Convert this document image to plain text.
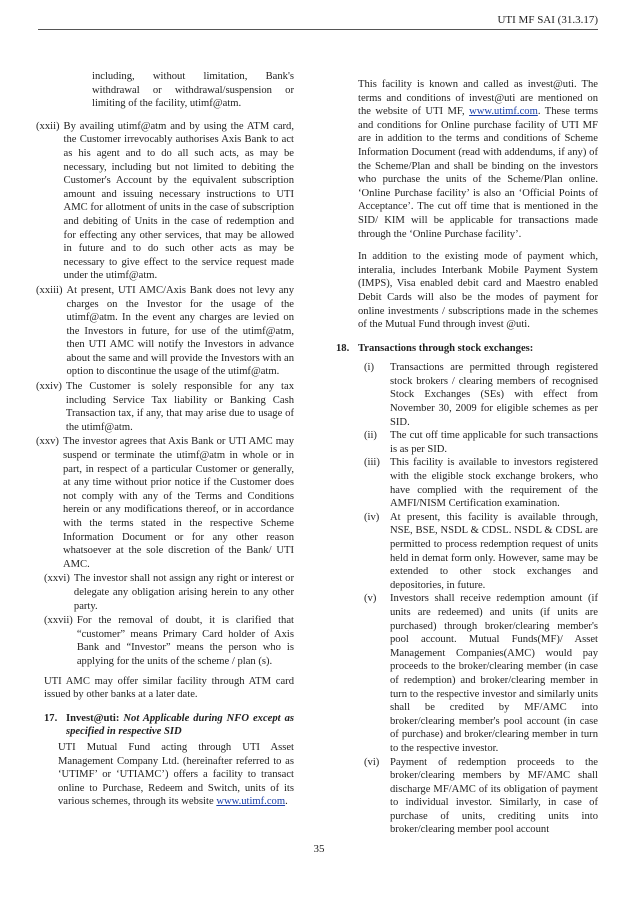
UTI MF SAI (31.3.17)

including, without limitation, Bank's withdrawal or withdrawal/suspension or limiting of the facility, utimf@atm.

(xxii) By availing utimf@atm and by using the ATM card, the Customer irrevocably authorises Axis Bank to act as his agent and to do all such acts, as may be necessary, including but not limited to debiting the Customer's Account by the equivalent subscription amount and issuing necessary instructions to UTI AMC for allotment of units in the case of subscription and debiting of Units in the case of redemption and for effecting any other services, that may be allowed in future and to do such other acts as may be necessary to give effect to the service request made under the utimf@atm.
(xxiii) At present, UTI AMC/Axis Bank does not levy any charges on the Investor for the usage of the utimf@atm. In the event any charges are levied on the Investors in future, for use of the utimf@atm, then UTI AMC will notify the Investors in advance about the same and will provide the Investors with an option to discontinue the usage of the utimf@atm.
(xxiv) The Customer is solely responsible for any tax including Service Tax liability or Banking Cash Transaction tax, if any, that may arise due to usage of the utimf@atm.
(xxv) The investor agrees that Axis Bank or UTI AMC may suspend or terminate the utimf@atm in whole or in part, in respect of a particular Customer or generally, at any time without prior notice if the Customer does not comply with any of the Terms and Conditions herein or any modifications thereof, or in accordance with the terms stated in the respective Scheme Information Document or for any other reason whatsoever at the sole discretion of the Bank/ UTI AMC.
(xxvi) The investor shall not assign any right or interest or delegate any obligation arising herein to any other party.
(xxvii) For the removal of doubt, it is clarified that “customer” means Primary Card holder of Axis Bank and “Investor” means the person who is applying for the units of the scheme / plan (s).

UTI AMC may offer similar facility through ATM card issued by other banks at a later date.

17. Invest@uti: Not Applicable during NFO except as specified in respective SID

UTI Mutual Fund acting through UTI Asset Management Company Ltd. (hereinafter referred to as ‘UTIMF’ or ‘UTIAMC’) offers a facility to transact online to Purchase, Redeem and Switch, units of its various schemes, through its website www.utimf.com.

This facility is known and called as invest@uti. The terms and conditions of invest@uti are mentioned on the website of UTI MF, www.utimf.com. These terms and conditions for Online purchase facility of UTI MF are in addition to the terms and conditions of Scheme Information Document (read with addendums, if any) of the Scheme/Plan and shall be binding on the investors who purchase the units of the Scheme/Plan online. ‘Online Purchase facility’ is also an ‘Official Points of Acceptance’. The cut off time that is mentioned in the SID/ KIM will be applicable for transactions made through the ‘Online Purchase facility’.

In addition to the existing mode of payment which, interalia, includes Interbank Mobile Payment System (IMPS), Visa enabled debit card and Maestro enabled Debit Cards will also be the modes of payment for online investments / subscriptions made in the schemes of the Mutual Fund through invest @uti.

18. Transactions through stock exchanges:
(i)	Transactions are permitted through registered stock brokers / clearing members of recognised Stock Exchanges (SEs) with effect from November 30, 2009 for eligible schemes as per SID.
(ii)	The cut off time applicable for such transactions is as per SID.
(iii) This facility is available to investors registered with the eligible stock exchange brokers, who have complied with the requirement of the AMFI/NISM Certification examination.
(iv)	At present, this facility is available through, NSE, BSE, NSDL & CDSL. NSDL & CDSL are permitted to process redemption request of units held in demat form only. However, same may be extended to other stock exchanges and depositories, in future.
(v)	Investors shall receive redemption amount (if units are redeemed) and units (if units are purchased) through broker/clearing member's pool account. Mutual Funds(MF)/ Asset Management Companies(AMC) would pay proceeds to the broker/clearing member (in case of redemption) and broker/clearing member in turn to the respective investor and similarly units shall be credited by MF/AMC into broker/clearing member's pool account (in case of purchase) and broker/clearing member in turn to the respective investor.
(vi)	Payment of redemption proceeds to the broker/clearing members by MF/AMC shall discharge MF/AMC of its obligation of payment to individual investor. Similarly, in case of purchase of units, crediting units into broker/clearing member pool account
35
